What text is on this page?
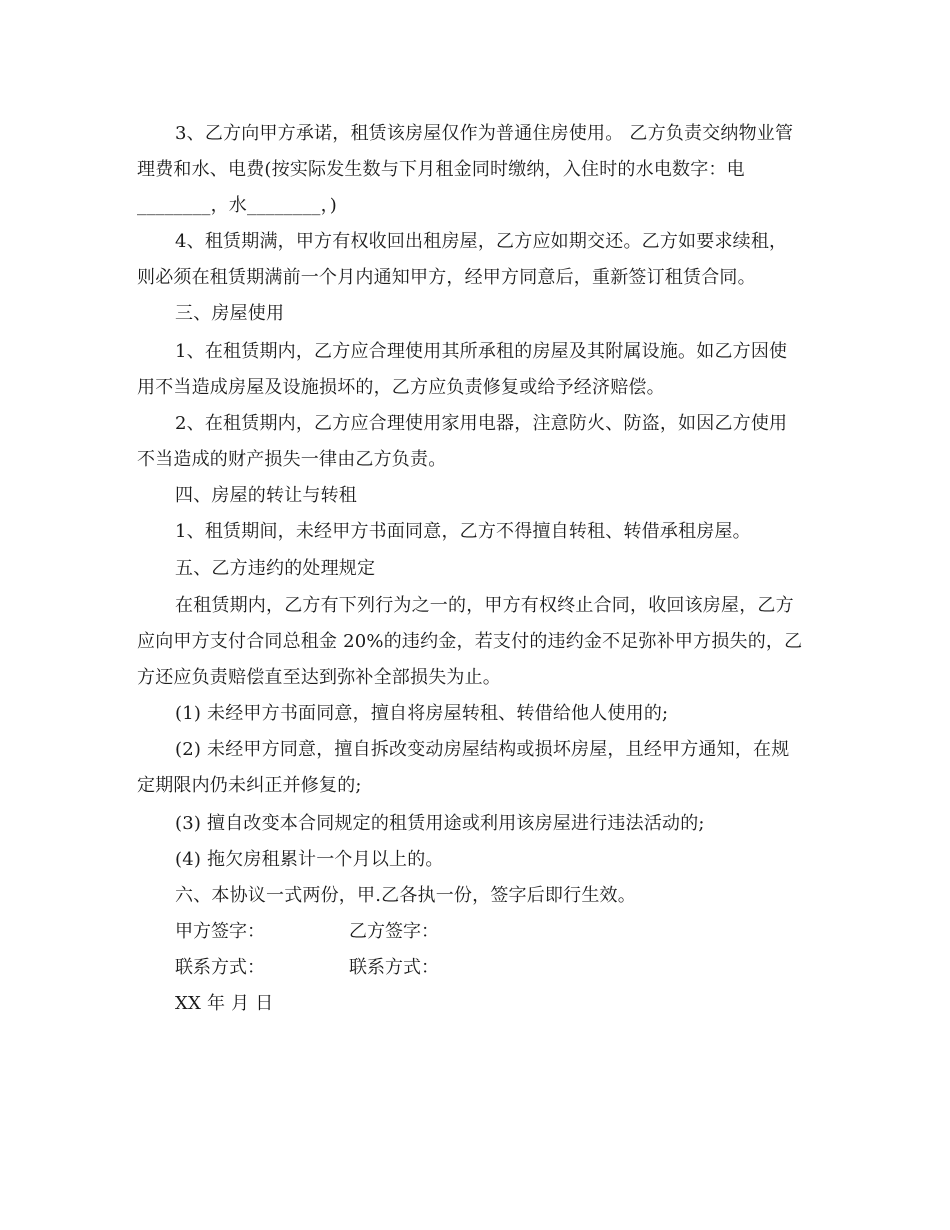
3、乙方向甲方承诺，租赁该房屋仅作为普通住房使用。 乙方负责交纳物业管
理费和水、电费(按实际发生数与下月租金同时缴纳，入住时的水电数字：电
________，水________，)
4、租赁期满，甲方有权收回出租房屋，乙方应如期交还。乙方如要求续租，
则必须在租赁期满前一个月内通知甲方，经甲方同意后，重新签订租赁合同。
三、房屋使用
1、在租赁期内，乙方应合理使用其所承租的房屋及其附属设施。如乙方因使
用不当造成房屋及设施损坏的，乙方应负责修复或给予经济赔偿。
2、在租赁期内，乙方应合理使用家用电器，注意防火、防盗，如因乙方使用
不当造成的财产损失一律由乙方负责。
四、房屋的转让与转租
1、租赁期间，未经甲方书面同意，乙方不得擅自转租、转借承租房屋。
五、乙方违约的处理规定
在租赁期内，乙方有下列行为之一的，甲方有权终止合同，收回该房屋，乙方
应向甲方支付合同总租金 20%的违约金，若支付的违约金不足弥补甲方损失的，乙
方还应负责赔偿直至达到弥补全部损失为止。
(1) 未经甲方书面同意，擅自将房屋转租、转借给他人使用的;
(2) 未经甲方同意，擅自拆改变动房屋结构或损坏房屋，且经甲方通知，在规
定期限内仍未纠正并修复的;
(3) 擅自改变本合同规定的租赁用途或利用该房屋进行违法活动的;
(4) 拖欠房租累计一个月以上的。
六、本协议一式两份，甲.乙各执一份，签字后即行生效。
甲方签字：	乙方签字：
联系方式：	联系方式：
XX 年 月 日
